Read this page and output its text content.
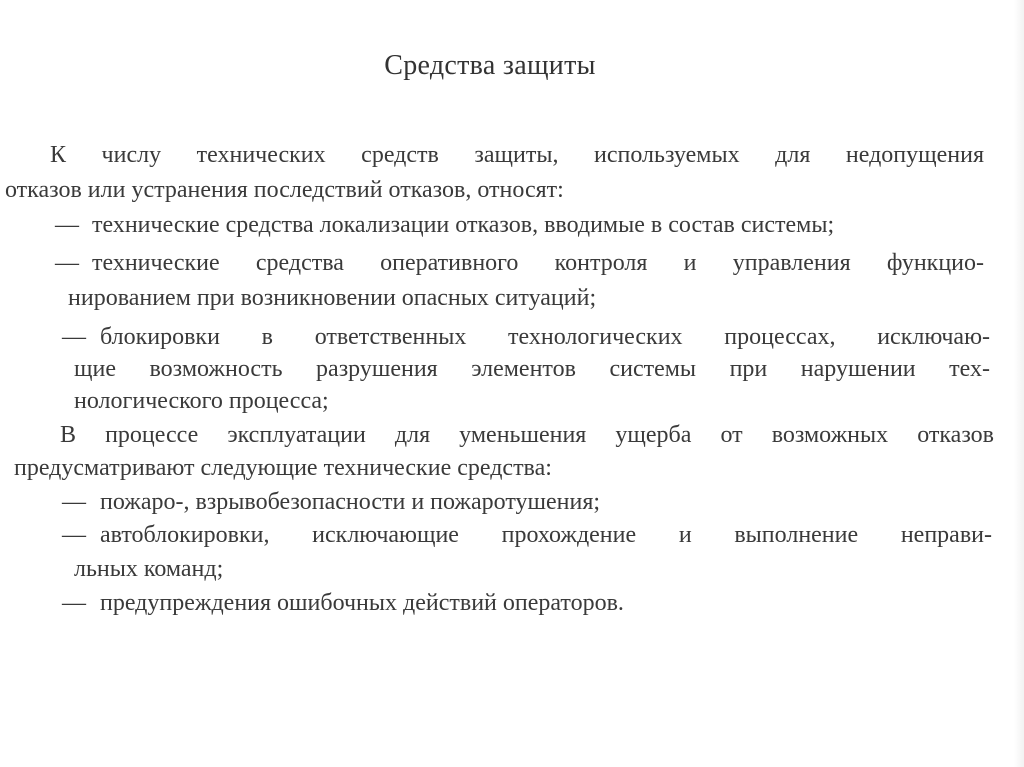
Средства защиты
К числу технических средств защиты, используемых для недопущения
отказов или устранения последствий отказов, относят:
— технические средства локализации отказов, вводимые в состав системы;
— технические средства оперативного контроля и управления функцио-
нированием при возникновении опасных ситуаций;
— блокировки в ответственных технологических процессах, исключаю-
щие возможность разрушения элементов системы при нарушении тех-
нологического процесса;
В процессе эксплуатации для уменьшения ущерба от возможных отказов
предусматривают следующие технические средства:
— пожаро-, взрывобезопасности и пожаротушения;
— автоблокировки, исключающие прохождение и выполнение неправи-
льных команд;
— предупреждения ошибочных действий операторов.
